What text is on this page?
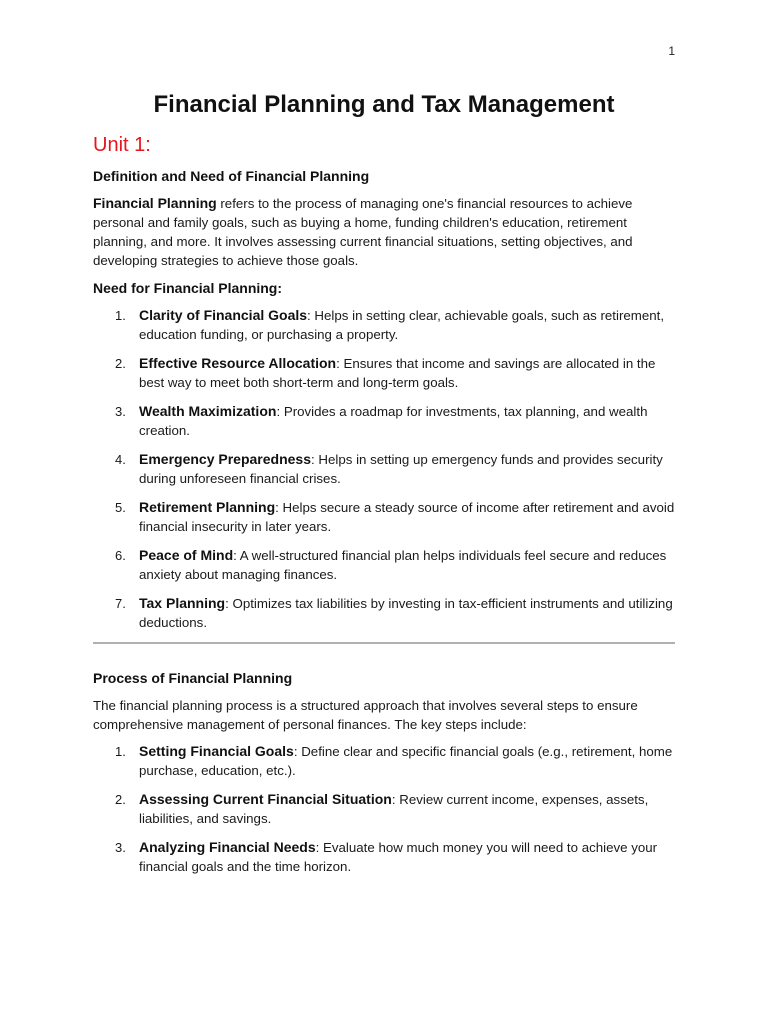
1
Financial Planning and Tax Management
Unit 1:
Definition and Need of Financial Planning

Financial Planning refers to the process of managing one's financial resources to achieve personal and family goals, such as buying a home, funding children's education, retirement planning, and more. It involves assessing current financial situations, setting objectives, and developing strategies to achieve those goals.

Need for Financial Planning:
1. Clarity of Financial Goals: Helps in setting clear, achievable goals, such as retirement, education funding, or purchasing a property.
2. Effective Resource Allocation: Ensures that income and savings are allocated in the best way to meet both short-term and long-term goals.
3. Wealth Maximization: Provides a roadmap for investments, tax planning, and wealth creation.
4. Emergency Preparedness: Helps in setting up emergency funds and provides security during unforeseen financial crises.
5. Retirement Planning: Helps secure a steady source of income after retirement and avoid financial insecurity in later years.
6. Peace of Mind: A well-structured financial plan helps individuals feel secure and reduces anxiety about managing finances.
7. Tax Planning: Optimizes tax liabilities by investing in tax-efficient instruments and utilizing deductions.
Process of Financial Planning

The financial planning process is a structured approach that involves several steps to ensure comprehensive management of personal finances. The key steps include:

1. Setting Financial Goals: Define clear and specific financial goals (e.g., retirement, home purchase, education, etc.).
2. Assessing Current Financial Situation: Review current income, expenses, assets, liabilities, and savings.
3. Analyzing Financial Needs: Evaluate how much money you will need to achieve your financial goals and the time horizon.
